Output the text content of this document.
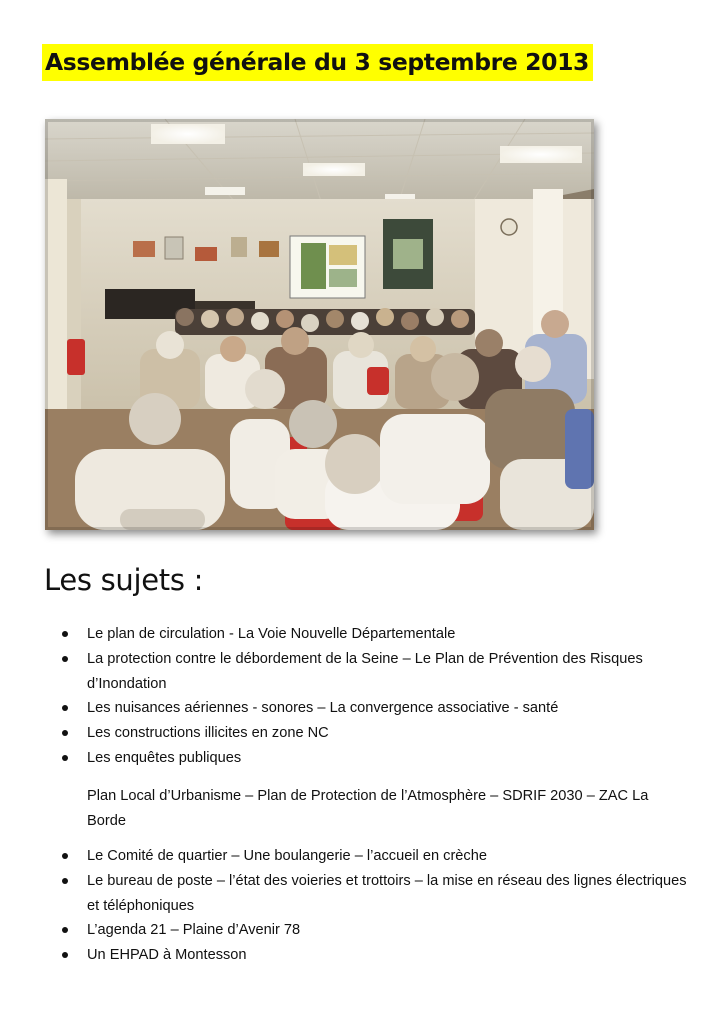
Assemblée générale du 3 septembre 2013
Les sujets :
Le plan de circulation - La Voie Nouvelle Départementale
La protection contre le débordement de la Seine – Le Plan de Prévention des Risques d’Inondation
Les nuisances aériennes - sonores – La convergence associative - santé
Les constructions illicites en zone NC
Les enquêtes publiques

Plan Local d’Urbanisme – Plan de Protection de l’Atmosphère – SDRIF 2030 – ZAC La Borde

Le Comité de quartier – Une boulangerie – l’accueil en crèche
Le bureau de poste – l’état des voieries et trottoirs – la mise en réseau des lignes électriques et téléphoniques
L’agenda 21 – Plaine d’Avenir 78
Un EHPAD à Montesson
